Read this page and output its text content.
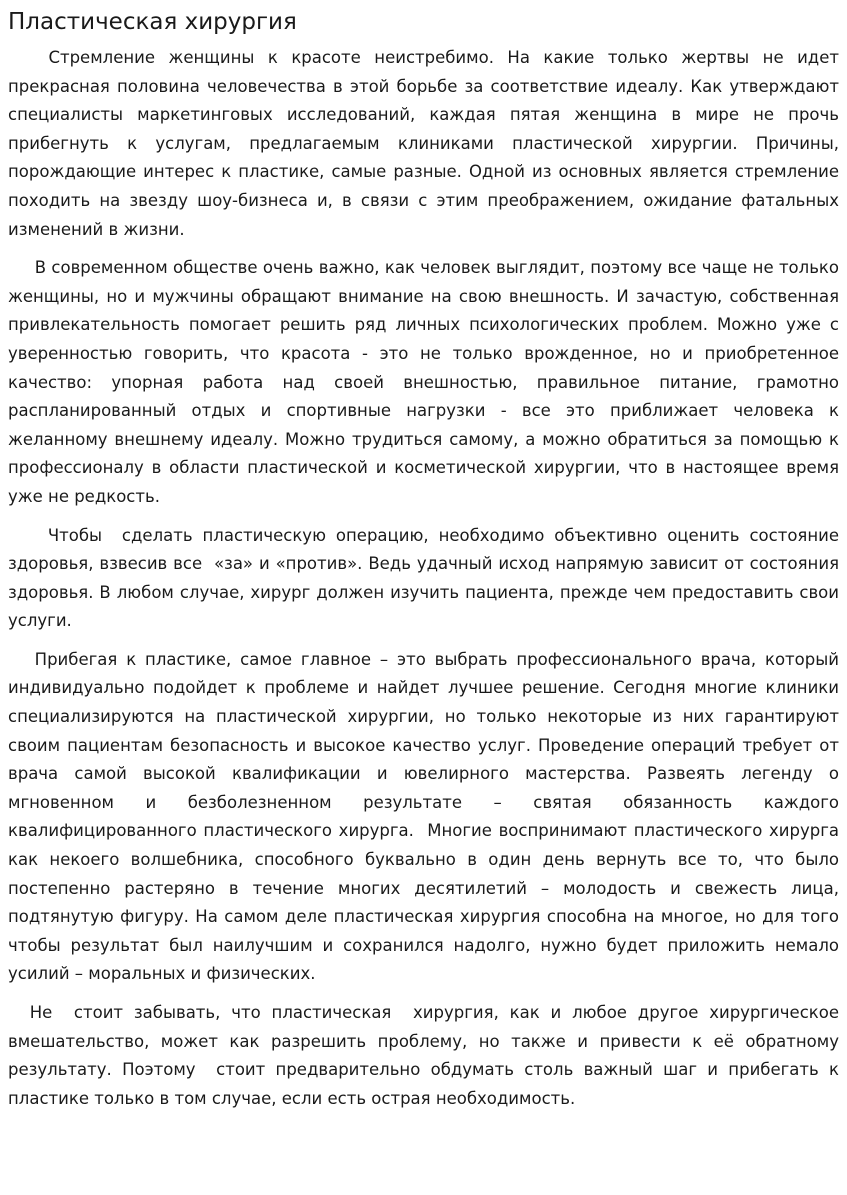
Пластическая хирургия

Стремление женщины к красоте неистребимо. На какие только жертвы не идет прекрасная половина человечества в этой борьбе за соответствие идеалу. Как утверждают специалисты маркетинговых исследований, каждая пятая женщина в мире не прочь прибегнуть к услугам, предлагаемым клиниками пластической хирургии. Причины, порождающие интерес к пластике, самые разные. Одной из основных является стремление походить на звезду шоу-бизнеса и, в связи с этим преображением, ожидание фатальных изменений в жизни.

В современном обществе очень важно, как человек выглядит, поэтому все чаще не только женщины, но и мужчины обращают внимание на свою внешность. И зачастую, собственная привлекательность помогает решить ряд личных психологических проблем. Можно уже с уверенностью говорить, что красота - это не только врожденное, но и приобретенное качество: упорная работа над своей внешностью, правильное питание, грамотно распланированный отдых и спортивные нагрузки - все это приближает человека к желанному внешнему идеалу. Можно трудиться самому, а можно обратиться за помощью к профессионалу в области пластической и косметической хирургии, что в настоящее время уже не редкость.

Чтобы  сделать пластическую операцию, необходимо объективно оценить состояние здоровья, взвесив все  «за» и «против». Ведь удачный исход напрямую зависит от состояния здоровья. В любом случае, хирург должен изучить пациента, прежде чем предоставить свои услуги.

Прибегая к пластике, самое главное – это выбрать профессионального врача, который индивидуально подойдет к проблеме и найдет лучшее решение. Сегодня многие клиники специализируются на пластической хирургии, но только некоторые из них гарантируют своим пациентам безопасность и высокое качество услуг. Проведение операций требует от врача самой высокой квалификации и ювелирного мастерства. Развеять легенду о мгновенном и безболезненном результате – святая обязанность каждого квалифицированного пластического хирурга.  Многие воспринимают пластического хирурга как некоего волшебника, способного буквально в один день вернуть все то, что было постепенно растеряно в течение многих десятилетий – молодость и свежесть лица, подтянутую фигуру. На самом деле пластическая хирургия способна на многое, но для того чтобы результат был наилучшим и сохранился надолго, нужно будет приложить немало усилий – моральных и физических.

Не  стоит забывать, что пластическая  хирургия, как и любое другое хирургическое вмешательство, может как разрешить проблему, но также и привести к её обратному результату. Поэтому  стоит предварительно обдумать столь важный шаг и прибегать к пластике только в том случае, если есть острая необходимость.
